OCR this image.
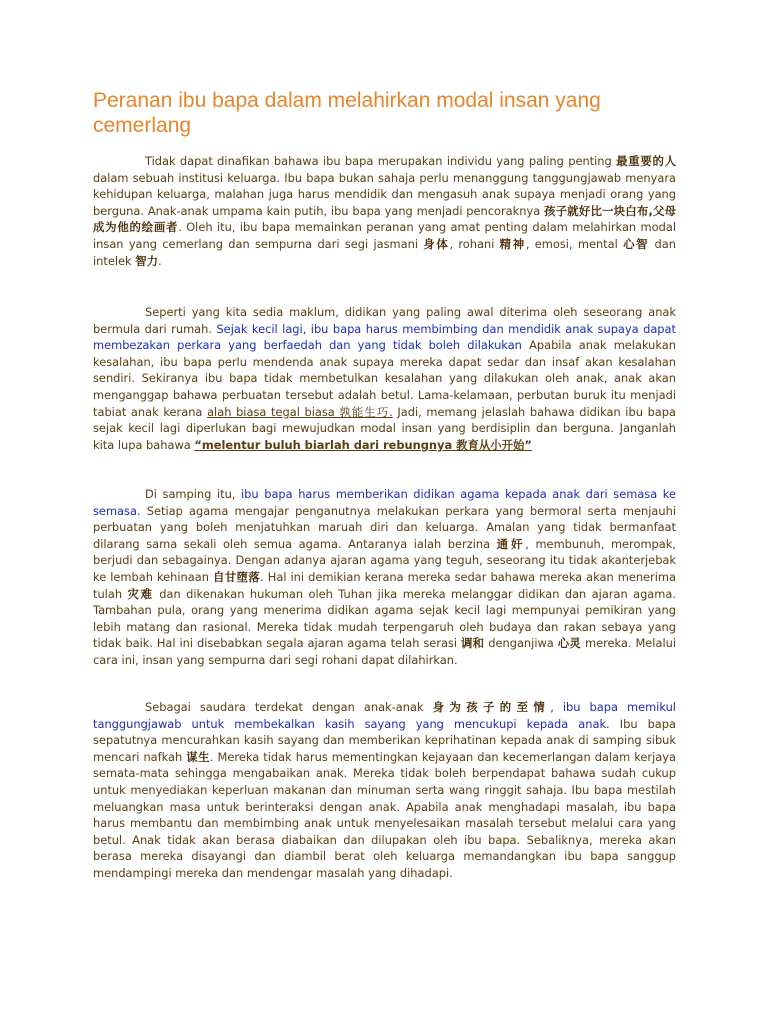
Peranan ibu bapa dalam melahirkan modal insan yang cemerlang

Tidak dapat dinafikan bahawa ibu bapa merupakan individu yang paling penting 最重要的人 dalam sebuah institusi keluarga. Ibu bapa bukan sahaja perlu menanggung tanggungjawab menyara kehidupan keluarga, malahan juga harus mendidik dan mengasuh anak supaya menjadi orang yang berguna. Anak-anak umpama kain putih, ibu bapa yang menjadi pencoraknya 孩子就好比一块白布,父母成为他的绘画者. Oleh itu, ibu bapa memainkan peranan yang amat penting dalam melahirkan modal insan yang cemerlang dan sempurna dari segi jasmani 身体, rohani 精神, emosi, mental 心智 dan intelek 智力.

Seperti yang kita sedia maklum, didikan yang paling awal diterima oleh seseorang anak bermula dari rumah. Sejak kecil lagi, ibu bapa harus membimbing dan mendidik anak supaya dapat membezakan perkara yang berfaedah dan yang tidak boleh dilakukan Apabila anak melakukan kesalahan, ibu bapa perlu mendenda anak supaya mereka dapat sedar dan insaf akan kesalahan sendiri. Sekiranya ibu bapa tidak membetulkan kesalahan yang dilakukan oleh anak, anak akan menganggap bahawa perbuatan tersebut adalah betul. Lama-kelamaan, perbutan buruk itu menjadi tabiat anak kerana alah biasa tegal biasa 孰能生巧. Jadi, memang jelaslah bahawa didikan ibu bapa sejak kecil lagi diperlukan bagi mewujudkan modal insan yang berdisiplin dan berguna. Janganlah kita lupa bahawa “melentur buluh biarlah dari rebungnya 教育从小开始”

Di samping itu, ibu bapa harus memberikan didikan agama kepada anak dari semasa ke semasa. Setiap agama mengajar penganutnya melakukan perkara yang bermoral serta menjauhi perbuatan yang boleh menjatuhkan maruah diri dan keluarga. Amalan yang tidak bermanfaat dilarang sama sekali oleh semua agama. Antaranya ialah berzina 通奸, membunuh, merompak, berjudi dan sebagainya. Dengan adanya ajaran agama yang teguh, seseorang itu tidak akanterjebak ke lembah kehinaan 自甘堕落. Hal ini demikian kerana mereka sedar bahawa mereka akan menerima tulah 灾难 dan dikenakan hukuman oleh Tuhan jika mereka melanggar didikan dan ajaran agama. Tambahan pula, orang yang menerima didikan agama sejak kecil lagi mempunyai pemikiran yang lebih matang dan rasional. Mereka tidak mudah terpengaruh oleh budaya dan rakan sebaya yang tidak baik. Hal ini disebabkan segala ajaran agama telah serasi 调和 denganjiwa 心灵 mereka. Melalui cara ini, insan yang sempurna dari segi rohani dapat dilahirkan.

Sebagai saudara terdekat dengan anak-anak 身为孩子的至情, ibu bapa memikul tanggungjawab untuk membekalkan kasih sayang yang mencukupi kepada anak. Ibu bapa sepatutnya mencurahkan kasih sayang dan memberikan keprihatinan kepada anak di samping sibuk mencari nafkah 谋生. Mereka tidak harus mementingkan kejayaan dan kecemerlangan dalam kerjaya semata-mata sehingga mengabaikan anak. Mereka tidak boleh berpendapat bahawa sudah cukup untuk menyediakan keperluan makanan dan minuman serta wang ringgit sahaja. Ibu bapa mestilah meluangkan masa untuk berinteraksi dengan anak. Apabila anak menghadapi masalah, ibu bapa harus membantu dan membimbing anak untuk menyelesaikan masalah tersebut melalui cara yang betul. Anak tidak akan berasa diabaikan dan dilupakan oleh ibu bapa. Sebaliknya, mereka akan berasa mereka disayangi dan diambil berat oleh keluarga memandangkan ibu bapa sanggup mendampingi mereka dan mendengar masalah yang dihadapi.
